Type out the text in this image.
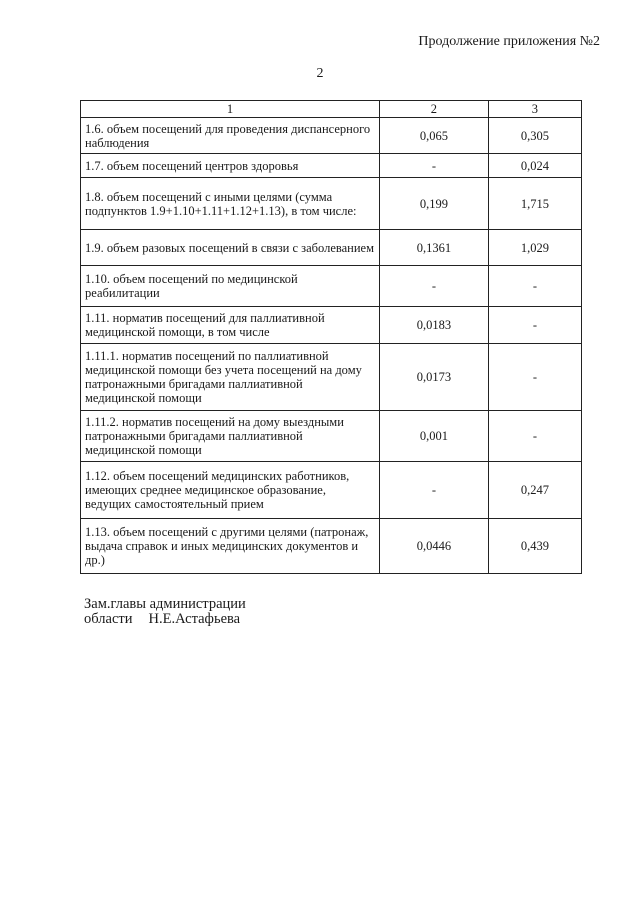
Продолжение приложения №2
2
1	2	3
1.6. объем посещений для проведения диспансерного наблюдения	0,065	0,305
1.7. объем посещений центров здоровья	-	0,024
1.8. объем посещений с иными целями (сумма подпунктов 1.9+1.10+1.11+1.12+1.13), в том числе:	0,199	1,715
1.9. объем разовых посещений в связи с заболеванием	0,1361	1,029
1.10. объем посещений по медицинской реабилитации	-	-
1.11. норматив посещений для паллиативной медицинской помощи, в том числе	0,0183	-
1.11.1. норматив посещений по паллиативной медицинской помощи без учета посещений на дому патронажными бригадами паллиативной медицинской помощи	0,0173	-
1.11.2. норматив посещений на дому выездными патронажными бригадами паллиативной медицинской помощи	0,001	-
1.12. объем посещений медицинских работников, имеющих среднее медицинское образование, ведущих самостоятельный прием	-	0,247
1.13. объем посещений с другими целями (патронаж, выдача справок и иных медицинских документов и др.)	0,0446	0,439
Зам.главы администрации
области Н.Е.Астафьева
